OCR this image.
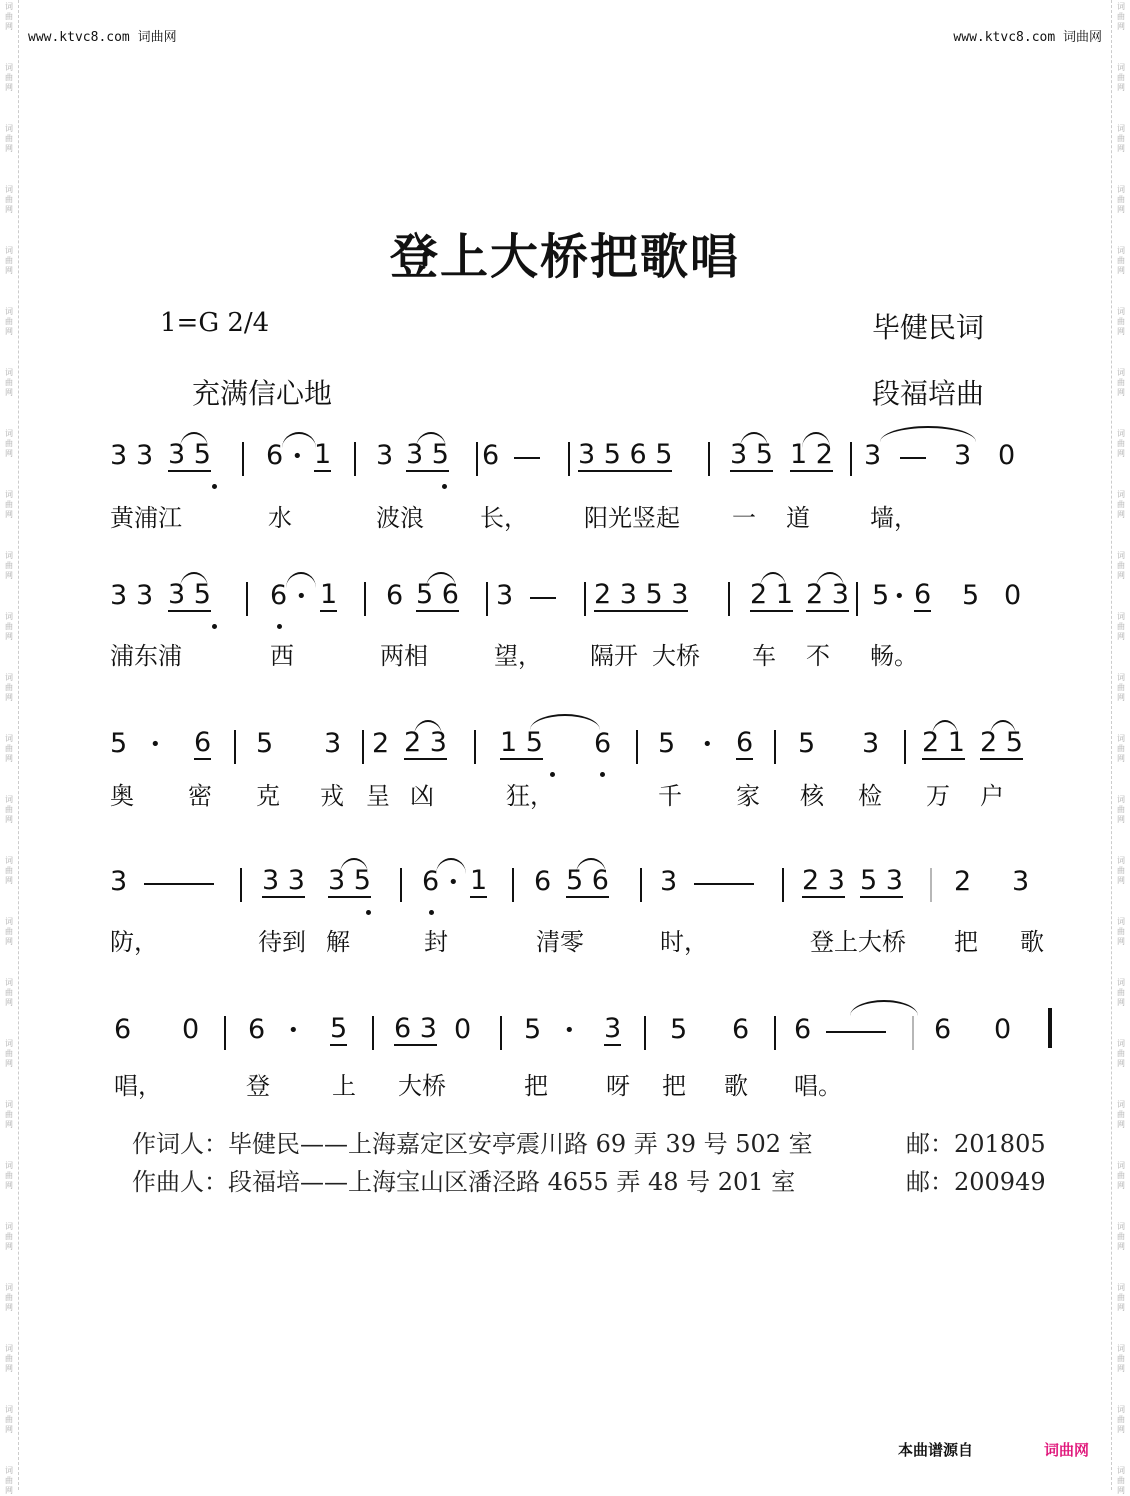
词
曲
网
词
曲
网
词
曲
网
词
曲
网
词
曲
网
词
曲
网
词
曲
网
词
曲
网
词
曲
网
词
曲
网
词
曲
网
词
曲
网
词
曲
网
词
曲
网
词
曲
网
词
曲
网
词
曲
网
词
曲
网
词
曲
网
词
曲
网
词
曲
网
词
曲
网
词
曲
网
词
曲
网
词
曲
网
词
曲
网
词
曲
网
词
曲
网
词
曲
网
词
曲
网
词
曲
网
词
曲
网
词
曲
网
词
曲
网
词
曲
网
词
曲
网
词
曲
网
词
曲
网
词
曲
网
词
曲
网
词
曲
网
词
曲
网
词
曲
网
词
曲
网
词
曲
网
词
曲
网
词
曲
网
词
曲
网
词
曲
网
词
曲
网
www.ktvc8.com 词曲网	www.ktvc8.com 词曲网
登上大桥把歌唱
1=G 2/4	毕健民词
充满信心地	段福培曲
3 3 3 5 6 • 1 3 3 5 6	3 5 6 5 3 5 1 2 3	3 0
黄浦江	水	波浪 长， 阳光竖起 一 道	墙，
3 3 3 5 6 • 1 6 5 6 3	2 3 5 3 2 1 2 3 5 • 6 5 0
浦东浦	西	两相	望， 隔开 大桥 车 不 畅。
5 • 6 5 3 2 2 3 1 5 6 5 • 6 5 3 2 1 2 5
奥 密 克 戎 呈 凶	狂，	千 家 核 检 万 户
3	3 3 3 5 6 • 1 6 5 6 3	2 3 5 3 2 3
防，	待到 解	封	清零	时，	登上大桥 把 歌
6 0 6 • 5 6 3 0 5 • 3 5 6 6	6 0
唱，	登	上 大桥	把 呀 把 歌 唱。
作词人：毕健民——上海嘉定区安亭震川路 69 弄 39 号 502 室	邮：201805
作曲人：段福培——上海宝山区潘泾路 4655 弄 48 号 201 室	邮：200949
本曲谱源自	词曲网
